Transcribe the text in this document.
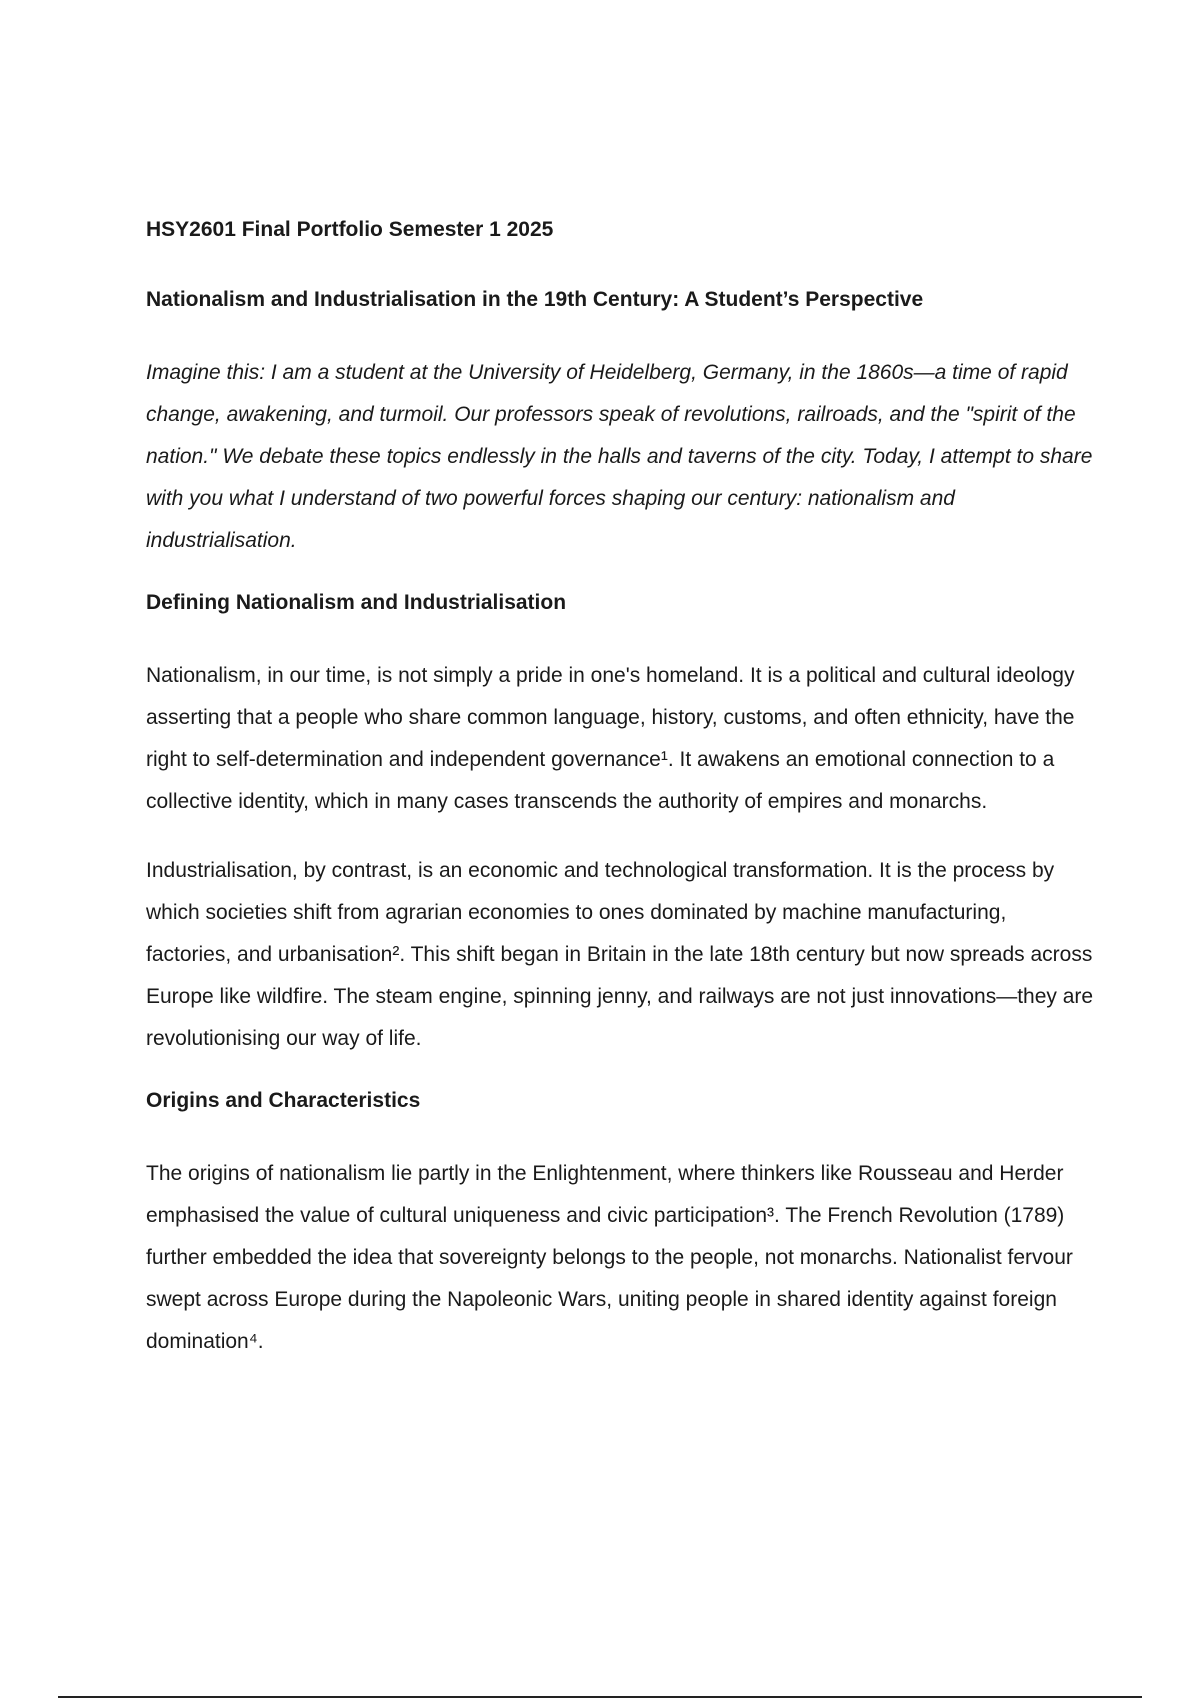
HSY2601 Final Portfolio Semester 1 2025
Nationalism and Industrialisation in the 19th Century: A Student’s Perspective

Imagine this: I am a student at the University of Heidelberg, Germany, in the 1860s—a time of rapid change, awakening, and turmoil. Our professors speak of revolutions, railroads, and the "spirit of the nation." We debate these topics endlessly in the halls and taverns of the city. Today, I attempt to share with you what I understand of two powerful forces shaping our century: nationalism and industrialisation.

Defining Nationalism and Industrialisation

Nationalism, in our time, is not simply a pride in one's homeland. It is a political and cultural ideology asserting that a people who share common language, history, customs, and often ethnicity, have the right to self-determination and independent governance¹. It awakens an emotional connection to a collective identity, which in many cases transcends the authority of empires and monarchs.

Industrialisation, by contrast, is an economic and technological transformation. It is the process by which societies shift from agrarian economies to ones dominated by machine manufacturing, factories, and urbanisation². This shift began in Britain in the late 18th century but now spreads across Europe like wildfire. The steam engine, spinning jenny, and railways are not just innovations—they are revolutionising our way of life.

Origins and Characteristics

The origins of nationalism lie partly in the Enlightenment, where thinkers like Rousseau and Herder emphasised the value of cultural uniqueness and civic participation³. The French Revolution (1789) further embedded the idea that sovereignty belongs to the people, not monarchs. Nationalist fervour swept across Europe during the Napoleonic Wars, uniting people in shared identity against foreign domination⁴.
